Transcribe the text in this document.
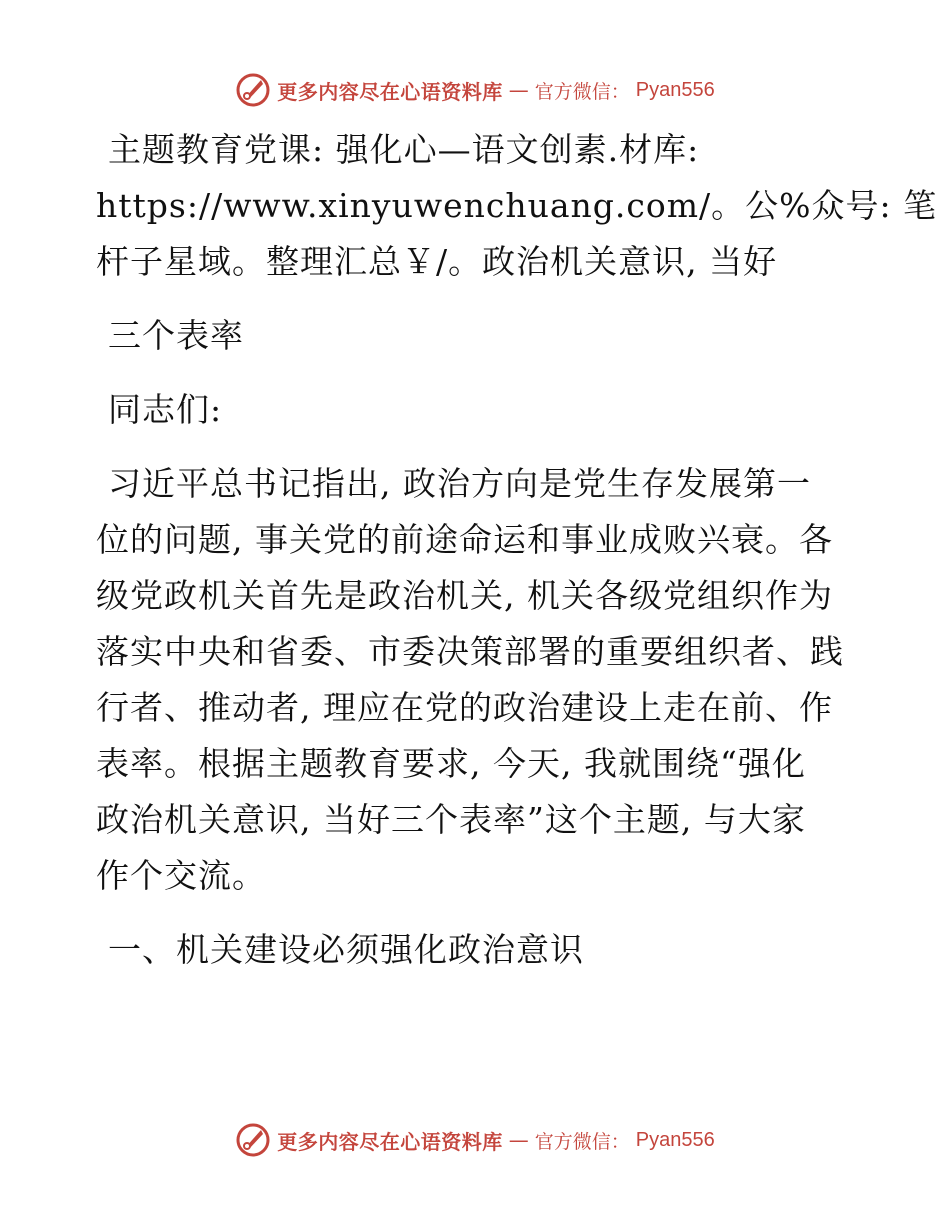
更多内容尽在心语资料库 — 官方微信： Pyan556
主题教育党课: 强化心—语文创素.材库:
https://www.xinyuwenchuang.com/。公%众号: 笔
杆子星域。整理汇总￥/。政治机关意识, 当好
三个表率
同志们:
习近平总书记指出, 政治方向是党生存发展第一
位的问题, 事关党的前途命运和事业成败兴衰。各
级党政机关首先是政治机关, 机关各级党组织作为
落实中央和省委、市委决策部署的重要组织者、践
行者、推动者, 理应在党的政治建设上走在前、作
表率。根据主题教育要求, 今天, 我就围绕“强化
政治机关意识, 当好三个表率”这个主题, 与大家
作个交流。
一、机关建设必须强化政治意识
更多内容尽在心语资料库 — 官方微信： Pyan556
